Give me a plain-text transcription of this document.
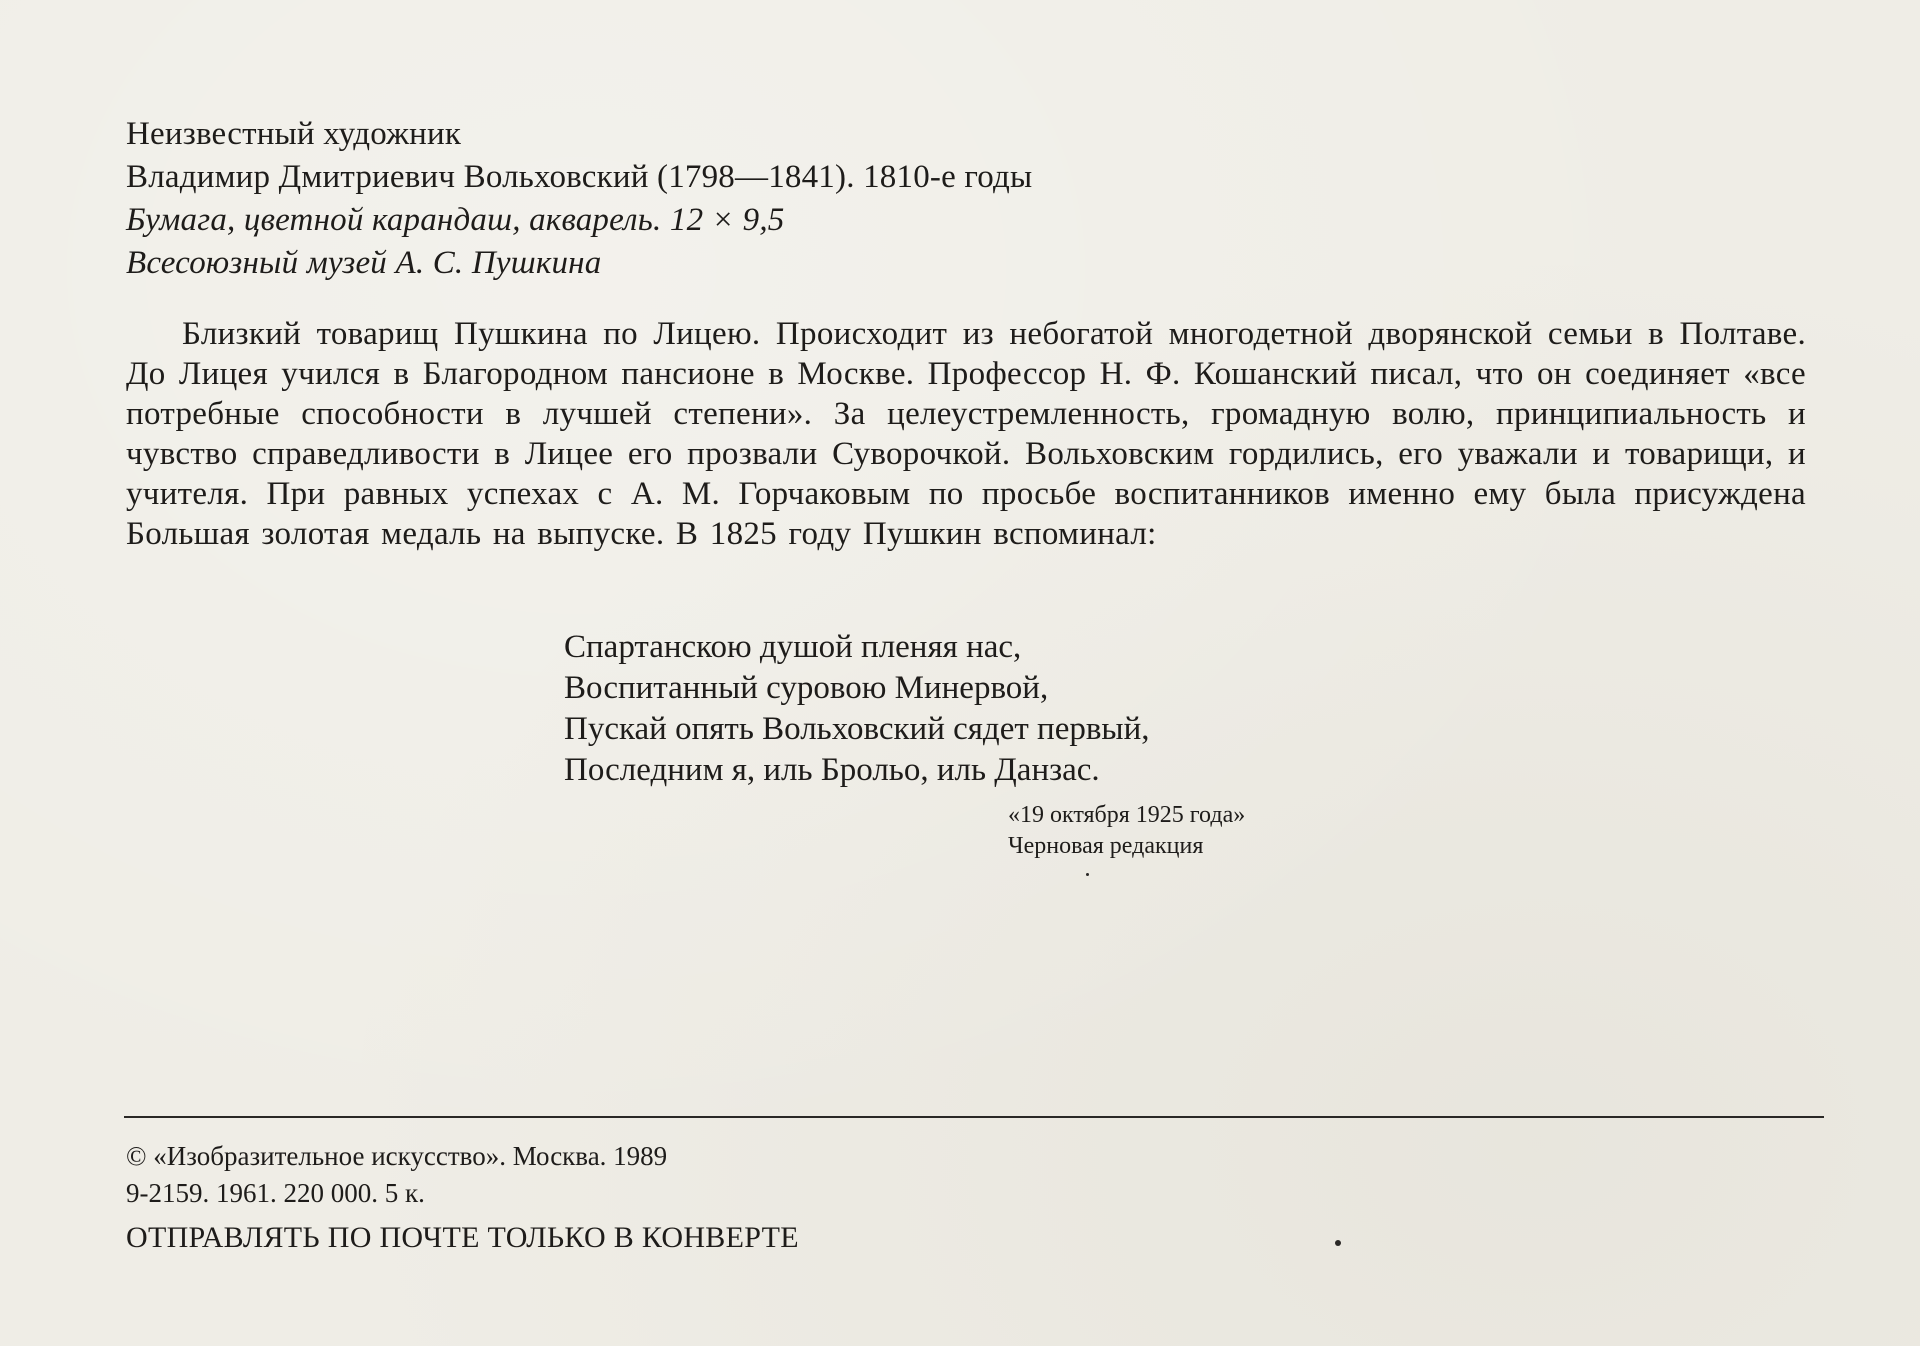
Неизвестный художник
Владимир Дмитриевич Вольховский (1798—1841). 1810-е годы
Бумага, цветной карандаш, акварель. 12 × 9,5
Всесоюзный музей А. С. Пушкина
Близкий товарищ Пушкина по Лицею. Происходит из небогатой многодетной дворянской семьи в Полтаве. До Лицея учился в Благородном пансионе в Москве. Профессор Н. Ф. Кошанский писал, что он соединяет «все потребные способности в лучшей степени». За целеустремленность, громадную волю, принципиальность и чувство справедливости в Лицее его прозвали Суворочкой. Вольховским гордились, его уважали и товарищи, и учителя. При равных успехах с А. М. Горчаковым по просьбе воспитанников именно ему была присуждена Большая золотая медаль на выпуске. В 1825 году Пушкин вспоминал:
Спартанскою душой пленяя нас,
Воспитанный суровою Минервой,
Пускай опять Вольховский сядет первый,
Последним я, иль Брольо, иль Данзас.
«19 октября 1925 года»
Черновая редакция
© «Изобразительное искусство». Москва. 1989
9-2159. 1961. 220 000. 5 к.
ОТПРАВЛЯТЬ ПО ПОЧТЕ ТОЛЬКО В КОНВЕРТЕ
